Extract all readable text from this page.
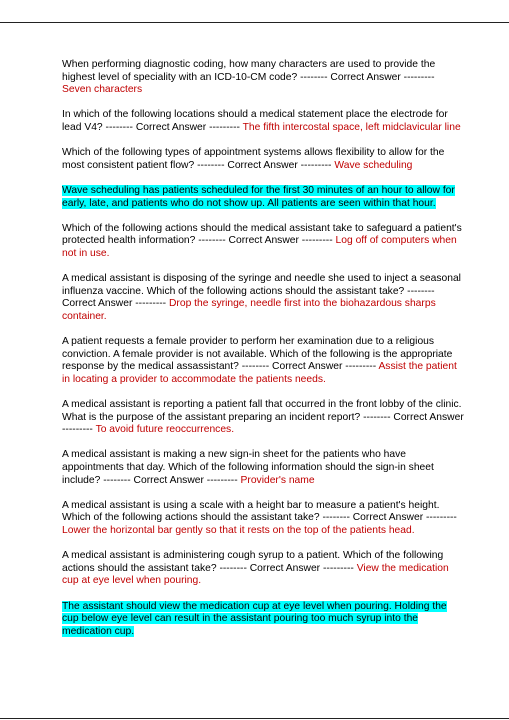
When performing diagnostic coding, how many characters are used to provide the highest level of speciality with an ICD-10-CM code? -------- Correct Answer --------- Seven characters

In which of the following locations should a medical statement place the electrode for lead V4? -------- Correct Answer --------- The fifth intercostal space, left midclavicular line

Which of the following types of appointment systems allows flexibility to allow for the most consistent patient flow? -------- Correct Answer --------- Wave scheduling

Wave scheduling has patients scheduled for the first 30 minutes of an hour to allow for early, late, and patients who do not show up. All patients are seen within that hour.

Which of the following actions should the medical assistant take to safeguard a patient's protected health information? -------- Correct Answer --------- Log off of computers when not in use.

A medical assistant is disposing of the syringe and needle she used to inject a seasonal influenza vaccine. Which of the following actions should the assistant take? -------- Correct Answer --------- Drop the syringe, needle first into the biohazardous sharps container.

A patient requests a female provider to perform her examination due to a religious conviction. A female provider is not available. Which of the following is the appropriate response by the medical assassistant? -------- Correct Answer --------- Assist the patient in locating a provider to accommodate the patients needs.

A medical assistant is reporting a patient fall that occurred in the front lobby of the clinic. What is the purpose of the assistant preparing an incident report? -------- Correct Answer --------- To avoid future reoccurrences.

A medical assistant is making a new sign-in sheet for the patients who have appointments that day. Which of the following information should the sign-in sheet include? -------- Correct Answer --------- Provider's name

A medical assistant is using a scale with a height bar to measure a patient's height. Which of the following actions should the assistant take? -------- Correct Answer --------- Lower the horizontal bar gently so that it rests on the top of the patients head.

A medical assistant is administering cough syrup to a patient. Which of the following actions should the assistant take? -------- Correct Answer --------- View the medication cup at eye level when pouring.

The assistant should view the medication cup at eye level when pouring. Holding the cup below eye level can result in the assistant pouring too much syrup into the medication cup.
